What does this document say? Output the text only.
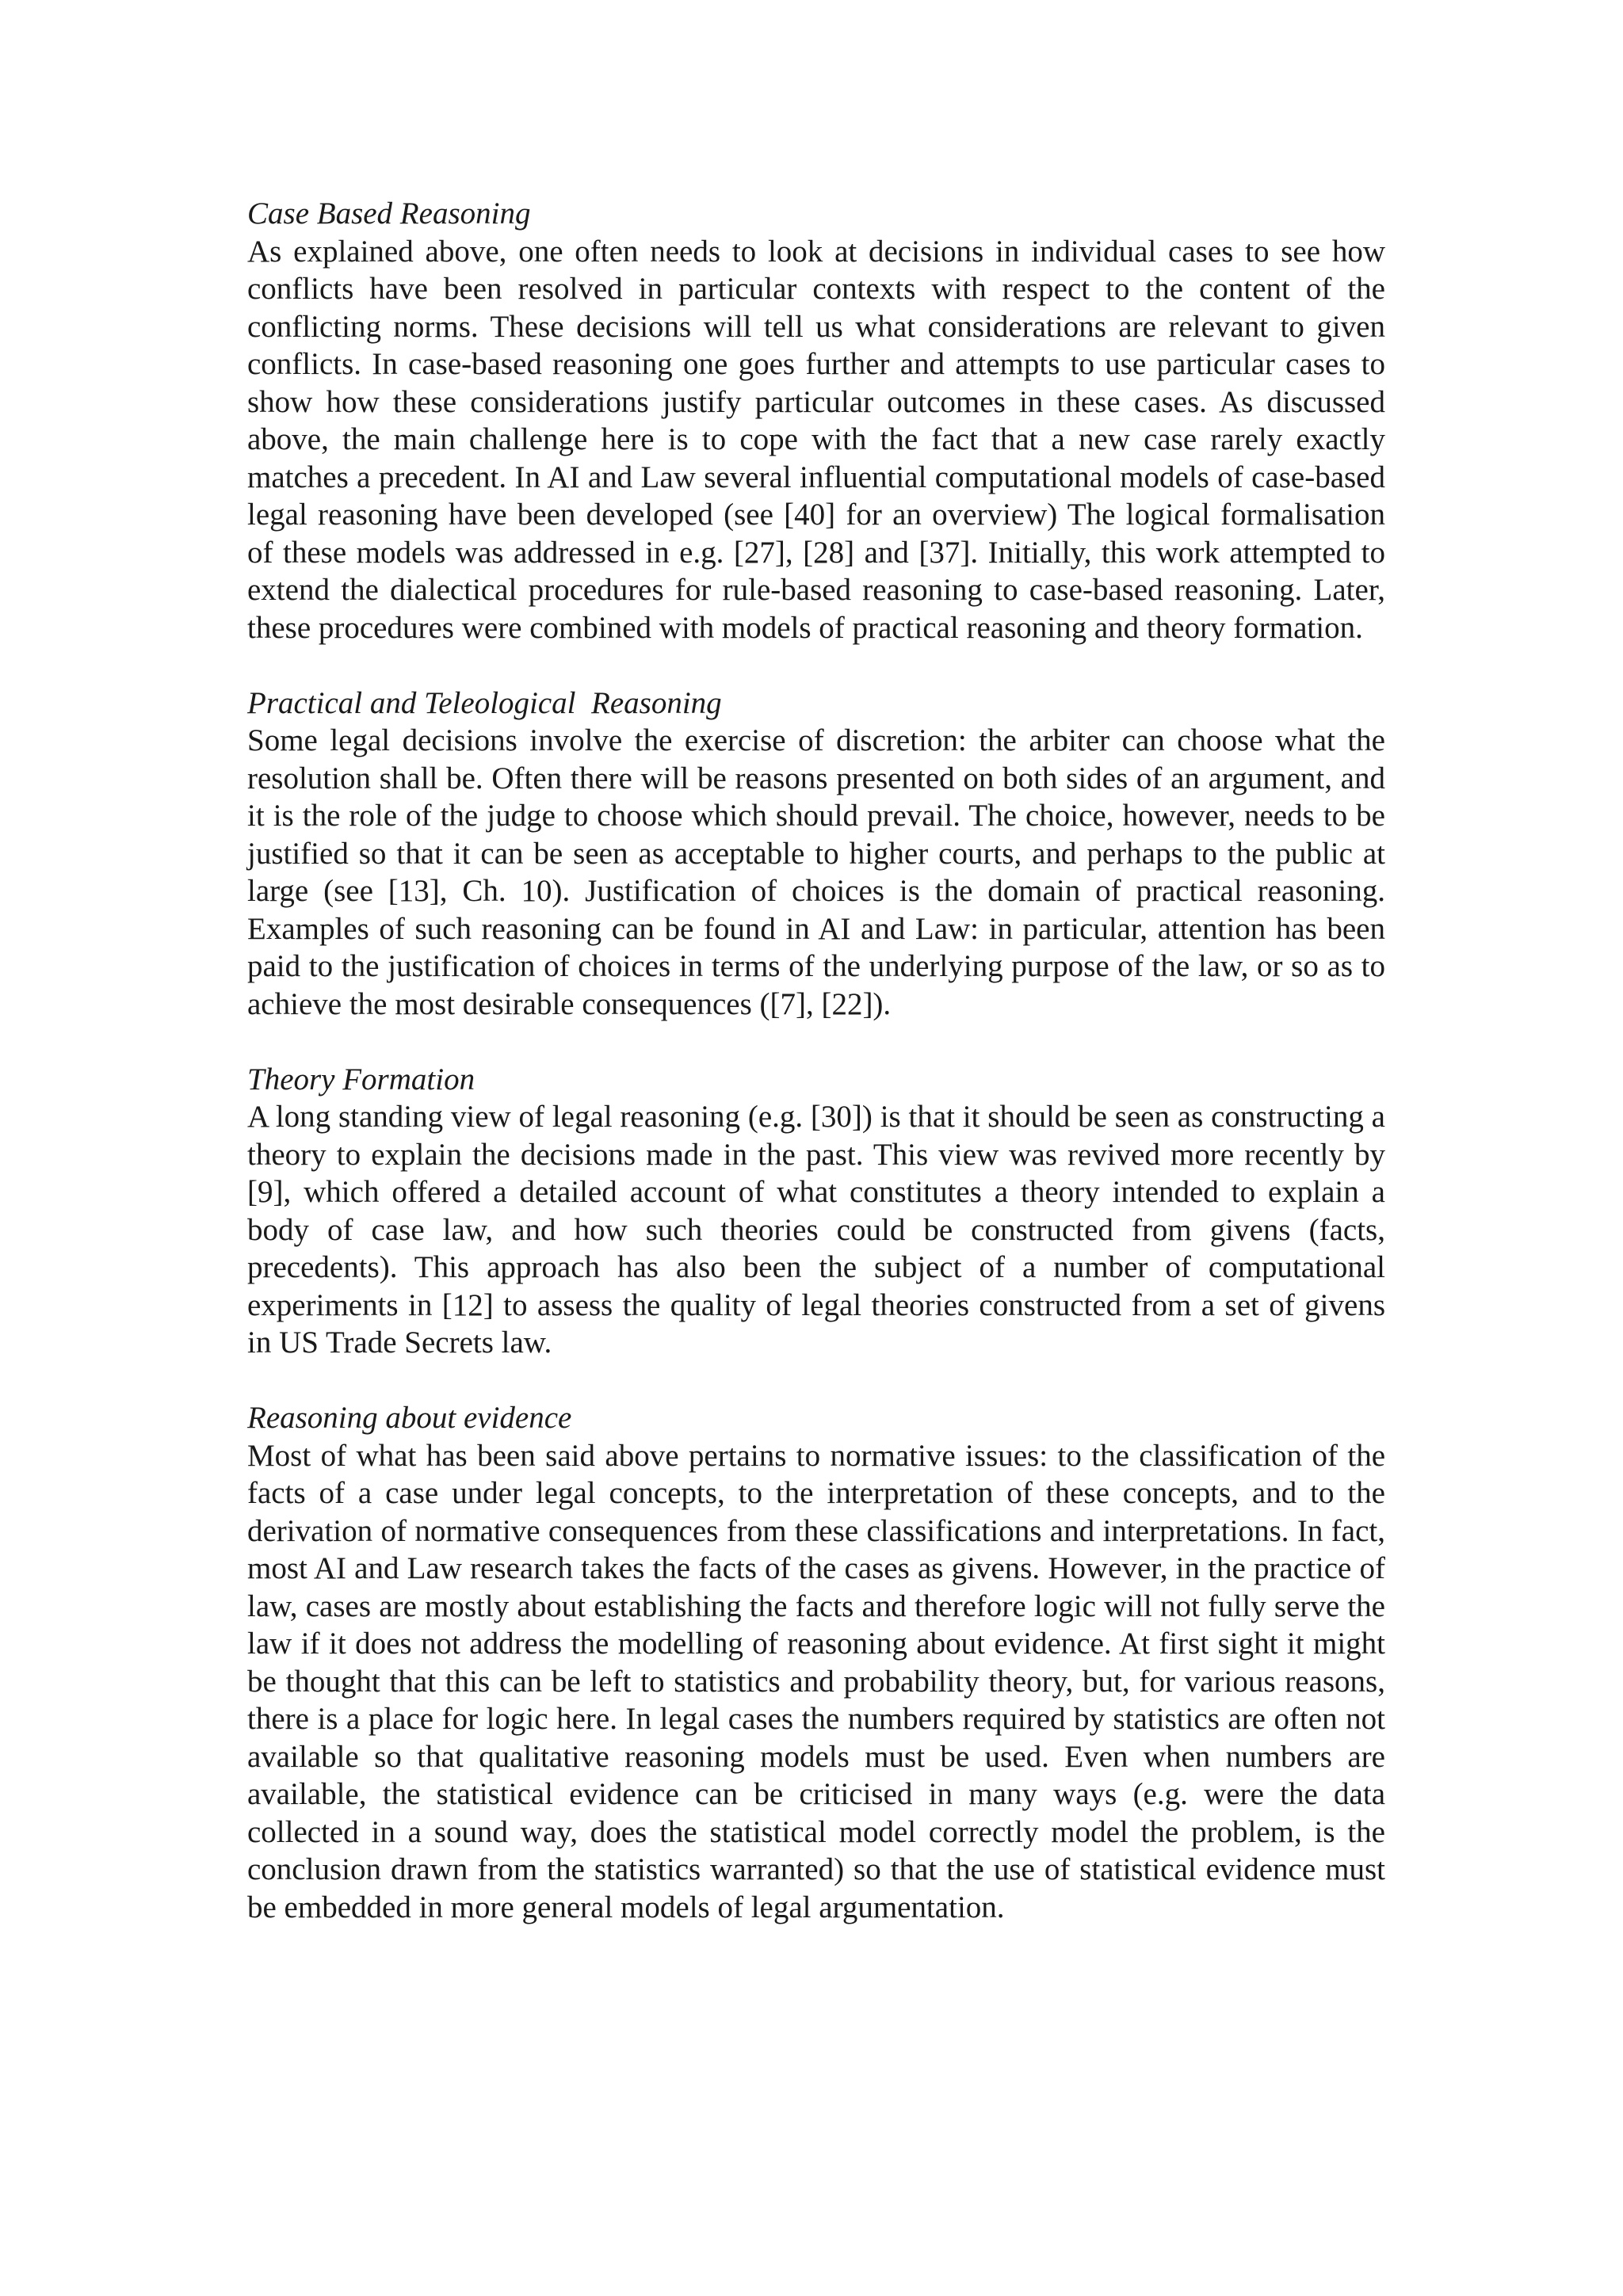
Case Based Reasoning

As explained above, one often needs to look at decisions in individual cases to see how conflicts have been resolved in particular contexts with respect to the content of the conflicting norms. These decisions will tell us what considerations are relevant to given conflicts. In case-based reasoning one goes further and attempts to use particular cases to show how these considerations justify particular outcomes in these cases. As discussed above, the main challenge here is to cope with the fact that a new case rarely exactly matches a precedent. In AI and Law several influential computational models of case-based legal reasoning have been developed (see [40] for an overview) The logical formalisation of these models was addressed in e.g. [27], [28] and [37]. Initially, this work attempted to extend the dialectical procedures for rule-based reasoning to case-based reasoning. Later, these procedures were combined with models of practical reasoning and theory formation.

Practical and Teleological  Reasoning

Some legal decisions involve the exercise of discretion: the arbiter can choose what the resolution shall be. Often there will be reasons presented on both sides of an argument, and it is the role of the judge to choose which should prevail. The choice, however, needs to be justified so that it can be seen as acceptable to higher courts, and perhaps to the public at large (see [13], Ch. 10). Justification of choices is the domain of practical reasoning. Examples of such reasoning can be found in AI and Law: in particular, attention has been paid to the justification of choices in terms of the underlying purpose of the law, or so as to achieve the most desirable consequences ([7], [22]).

Theory Formation

A long standing view of legal reasoning (e.g. [30]) is that it should be seen as constructing a theory to explain the decisions made in the past. This view was revived more recently by [9], which offered a detailed account of what constitutes a theory intended to explain a body of case law, and how such theories could be constructed from givens (facts, precedents). This approach has also been the subject of a number of computational experiments in [12] to assess the quality of legal theories constructed from a set of givens in US Trade Secrets law.

Reasoning about evidence

Most of what has been said above pertains to normative issues: to the classification of the facts of a case under legal concepts, to the interpretation of these concepts, and to the derivation of normative consequences from these classifications and interpretations. In fact, most AI and Law research takes the facts of the cases as givens. However, in the practice of law, cases are mostly about establishing the facts and therefore logic will not fully serve the law if it does not address the modelling of reasoning about evidence. At first sight it might be thought that this can be left to statistics and probability theory, but, for various reasons, there is a place for logic here. In legal cases the numbers required by statistics are often not available so that qualitative reasoning models must be used. Even when numbers are available, the statistical evidence can be criticised in many ways (e.g. were the data collected in a sound way, does the statistical model correctly model the problem, is the conclusion drawn from the statistics warranted) so that the use of statistical evidence must be embedded in more general models of legal argumentation.
